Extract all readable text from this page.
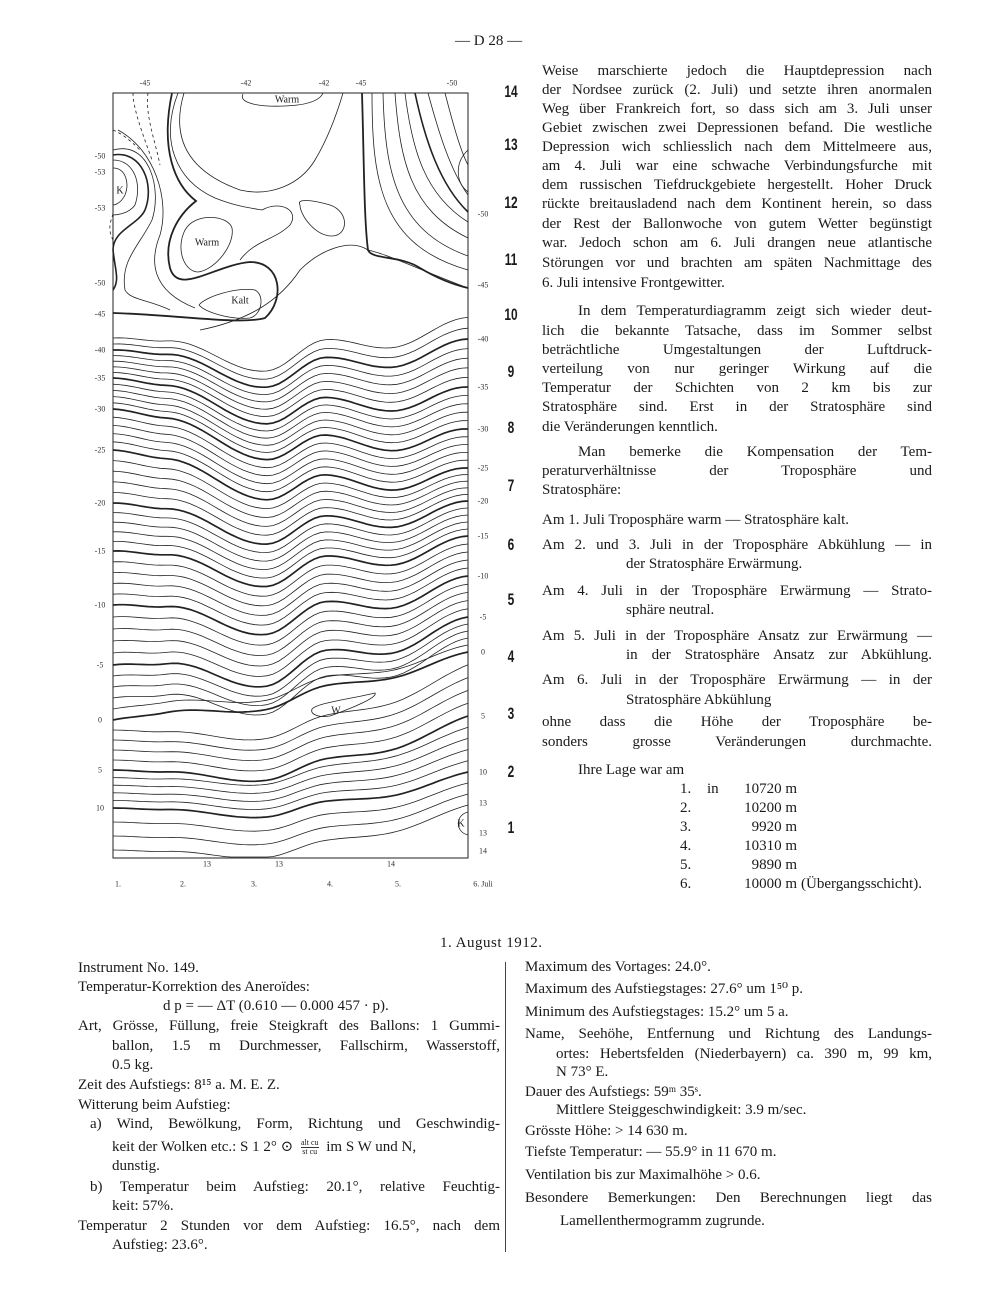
— D 28 —
-45	-42	-42	-45	-50
-50
-53
-53
-50
-45
-40
-35
-30
-25
-20
-15
-10
-5
0
5
10
-50
-45
-40
-35
-30
-25
-20
-15
-10
-5
0
5
10
13
13
14
13	13	14
1.	2.	3.	4.	5.	6. Juli
14
13
12
11
10
9
8
7
6
5
4
3
2
1
Warm
Warm
Kalt
K
K
W
1. August 1912.
Weise marschierte jedoch die Hauptdepression nach
der Nordsee zurück (2. Juli) und setzte ihren anormalen
Weg über Frankreich fort, so dass sich am 3. Juli unser
Gebiet zwischen zwei Depressionen befand. Die westliche
Depression wich schliesslich nach dem Mittelmeere aus,
am 4. Juli war eine schwache Verbindungsfurche mit
dem russischen Tiefdruckgebiete hergestellt. Hoher Druck
rückte breitausladend nach dem Kontinent herein, so dass
der Rest der Ballonwoche von gutem Wetter begünstigt
war. Jedoch schon am 6. Juli drangen neue atlantische
Störungen vor und brachten am späten Nachmittage des
6. Juli intensive Frontgewitter.
In dem Temperaturdiagramm zeigt sich wieder deut-
lich die bekannte Tatsache, dass im Sommer selbst
beträchtliche Umgestaltungen der Luftdruck-
verteilung von nur geringer Wirkung auf die
Temperatur der Schichten von 2 km bis zur
Stratosphäre sind. Erst in der Stratosphäre sind
die Veränderungen kenntlich.
Man bemerke die Kompensation der Tem-
peraturverhältnisse der Troposphäre und
Stratosphäre:
Am 1. Juli Troposphäre warm — Stratosphäre kalt.
Am 2. und 3. Juli in der Troposphäre Abkühlung — in
der Stratosphäre Erwärmung.
Am 4. Juli in der Troposphäre Erwärmung — Strato-
sphäre neutral.
Am 5. Juli in der Troposphäre Ansatz zur Erwärmung —
in der Stratosphäre Ansatz zur Abkühlung.
Am 6. Juli in der Troposphäre Erwärmung — in der
Stratosphäre Abkühlung
ohne dass die Höhe der Troposphäre be-
sonders grosse Veränderungen durchmachte.
Ihre Lage war am
1. in	10720 m
2.	10200 m
3.	9920 m
4.	10310 m
5.	9890 m
6.	10000 m (Übergangsschicht).
Instrument No. 149.
Temperatur-Korrektion des Aneroïdes:
d p = — ΔT (0.610 — 0.000 457 · p).
Art, Grösse, Füllung, freie Steigkraft des Ballons: 1 Gummi-
ballon, 1.5 m Durchmesser, Fallschirm, Wasserstoff,
0.5 kg.
Zeit des Aufstiegs: 8¹⁵ a. M. E. Z.
Witterung beim Aufstieg:
a) Wind, Bewölkung, Form, Richtung und Geschwindig-
dunstig.
b) Temperatur beim Aufstieg: 20.1°, relative Feuchtig-
keit: 57%.
Temperatur 2 Stunden vor dem Aufstieg: 16.5°, nach dem
Aufstieg: 23.6°.
Maximum des Vortages: 24.0°.
Maximum des Aufstiegstages: 27.6° um 1⁵⁰ p.
Minimum des Aufstiegstages: 15.2° um 5 a.
Name, Seehöhe, Entfernung und Richtung des Landungs-
ortes: Hebertsfelden (Niederbayern) ca. 390 m, 99 km,
N 73° E.
Dauer des Aufstiegs: 59ᵐ 35ˢ.
Mittlere Steiggeschwindigkeit: 3.9 m/sec.
Grösste Höhe: > 14 630 m.
Tiefste Temperatur: — 55.9° in 11 670 m.
Ventilation bis zur Maximalhöhe > 0.6.
Besondere Bemerkungen: Den Berechnungen liegt das
Lamellenthermogramm zugrunde.
keit der Wolken etc.: S 1 2° ⊙ $\frac{\text{alt cu}}{\text{st cu}}$ im S W und N,
